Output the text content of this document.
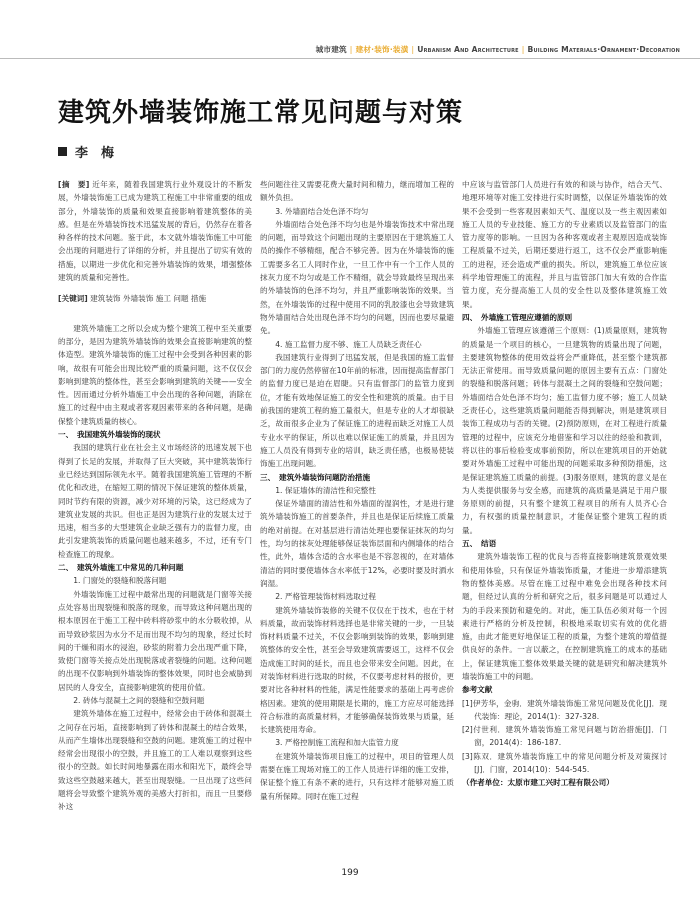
城市建筑 | 建材·装饰·装潢 | Urbanism And Architecture | Building Materials·Ornament·Decoration
建筑外墙装饰施工常见问题与对策
李　梅

[摘　要] 近年来，随着我国建筑行业外观设计的不断发展，外墙装饰施工已成为建筑工程施工中非常重要的组成部分，外墙装饰的质量和效果直接影响着建筑整体的美感。但是在外墙装饰技术迅猛发展的背后，仍然存在着各种各样的技术问题。鉴于此，本文就外墙装饰施工中可能会出现的问题进行了详细的分析，并且提出了切实有效的措施，以期进一步优化和完善外墙装饰的效果，增强整体建筑的质量和完善性。

[关键词] 建筑装饰 外墙装饰 施工 问题 措施

建筑外墙施工之所以会成为整个建筑工程中至关重要的部分，是因为建筑外墙装饰的效果会直接影响建筑的整体造型。建筑外墙装饰的施工过程中会受到各种因素的影响，故很有可能会出现比较严重的质量问题，这不仅仅会影响到建筑的整体性，甚至会影响到建筑的关键——安全性。因而通过分析外墙施工中会出现的各种问题，消除在施工的过程中由主观或者客观因素带来的各种问题，是确保整个建筑质量的核心。

一、　我国建筑外墙装饰的现状

我国的建筑行业在社会主义市场经济的迅速发展下也得到了长足的发展，并取得了巨大突破，其中建筑装饰行业已经达到国际领先水平。随着我国建筑施工管理的不断优化和改进，在缩短工期的情况下保证建筑的整体质量，同时节约有限的资源，减少对环境的污染，这已经成为了建筑业发展的共识。但也正是因为建筑行业的发展太过于迅速，相当多的大型建筑企业缺乏强有力的监督力度，由此引发建筑装饰的质量问题也越来越多，不过，还有专门检查施工的现象。

二、　建筑外墙施工中常见的几种问题

1. 门窗处的裂缝和脱落问题

外墙装饰施工过程中最常出现的问题就是门窗等关接点处容易出现裂缝和脱落的现象，而导致这种问题出现的根本原因在于施工工程中砖料将砂浆中的水分吸收掉，从而导致砂浆因为水分不足而出现不均匀的现象，经过长时间的干燥和雨水的浸泡，砂浆的附着力会出现严重下降，致使门窗等关接点处出现脱落或者裂缝的问题。这种问题的出现不仅影响到外墙装饰的整体效果，同时也会威胁到居民的人身安全，直接影响建筑的使用价值。

2. 砖体与混凝土之间的裂缝和空鼓问题

建筑外墙体在施工过程中，经常会由于砖体和混凝土之间存在污垢，直接影响到了砖体和混凝土的结合效果，从而产生墙体出现裂缝和空鼓的问题。建筑施工的过程中经常会出现很小的空鼓，并且施工的工人难以观察到这些很小的空鼓。如长时间地暴露在雨水和阳光下，最终会导致这些空鼓越来越大，甚至出现裂缝。一旦出现了这些问题将会导致整个建筑外观的美感大打折扣，而且一旦要修补这

些问题往往又需要花费大量时间和精力，继而增加工程的额外负担。

3. 外墙面结合处色泽不均匀

外墙面结合处色泽不均匀也是外墙装饰技术中常出现的问题，而导致这个问题出现的主要原因在于建筑施工人员的操作不够精细，配合不够完善。因为在外墙装饰的施工需要多名工人同时作业，一旦工作中有一个工作人员的抹灰力度不均匀或是工作不精细，就会导致最终呈现出来的外墙装饰的色泽不均匀，并且严重影响装饰的效果。当然，在外墙装饰的过程中使用不同的乳胶漆也会导致建筑物外墙面结合处出现色泽不均匀的问题，因而也要尽量避免。

4. 施工监督力度不够、施工人员缺乏责任心

我国建筑行业得到了迅猛发展，但是我国的施工监督部门的力度仍然停留在10年前的标准，因而提高监督部门的监督力度已是迫在眉睫。只有监督部门的监管力度到位，才能有效地保证施工的安全性和建筑的质量。由于目前我国的建筑工程的施工量很大，但是专业的人才却很缺乏，故而很多企业为了保证施工的进程而缺乏对施工人员专业水平的保证，所以也难以保证施工的质量，并且因为施工人员没有得到专业的培训，缺乏责任感，也极易使装饰施工出现问题。

三、　建筑外墙装饰问题防治措施

1. 保证墙体的清洁性和完整性

保证外墙面的清洁性和外墙面的湿润性，才是进行建筑外墙装饰施工的首要条件，并且也是保证后续施工质量的绝对前提。在对基层进行清洁处理也要保证抹灰的均匀性，均匀的抹灰处理能够保证装饰层面和内侧墙体的结合性，此外，墙体含适的含水率也是不容忽视的，在对墙体清洁的同时要使墙体含水率低于12%，必要时要及时洒水润湿。

2. 严格管理装饰材料选取过程

建筑外墙装饰装修的关键不仅仅在于技术，也在于材料质量，故而装饰材料选择也是非常关键的一步，一旦装饰材料质量不过关，不仅会影响到装饰的效果，影响到建筑整体的安全性，甚至会导致建筑需要返工，这样不仅会造成施工时间的延长，而且也会带来安全问题。因此，在对装饰材料进行选取的时候，不仅要考虑材料的报价，更要对比各种材料的性能，满足性能要求的基础上再考虑价格因素。建筑的使用期限是长期的，施工方应尽可能选择符合标准的高质量材料，才能够确保装饰效果与质量，延长建筑使用寿命。

3. 严格控制施工流程和加大监管力度

在建筑外墙装饰项目施工的过程中，项目的管理人员需要在施工现场对施工的工作人员进行详细的施工安排，保证整个施工有条不紊的进行，只有这样才能够对施工质量有所保障。同时在施工过程

中应该与监管部门人员进行有效的和谈与协作，结合天气、地理环境等对施工安排进行实时调整，以保证外墙装饰的效果不会受到一些客观因素如天气、温度以及一些主观因素如施工人员的专业技能、施工方的专业素质以及监管部门的监管力度等的影响。一旦因为各种客观或者主观原因造成装饰工程质量不过关，后期还要进行返工，这不仅会严重影响施工的进程，还会造成严重的损失。所以，建筑施工单位应该科学地管理施工的流程，并且与监管部门加大有效的合作监管力度，充分提高施工人员的安全性以及整体建筑施工效果。

四、　外墙施工管理应遵循的原则

外墙施工管理应该遵循三个原则：(1)质量原则，建筑物的质量是一个项目的核心，一旦建筑物的质量出现了问题，主要建筑物整体的使用效益将会严重降低，甚至整个建筑都无法正常使用。而导致质量问题的原因主要有五点：门窗处的裂缝和脱落问题；砖体与混凝土之间的裂缝和空鼓问题；外墙面结合处色泽不均匀；施工监督力度不够；施工人员缺乏责任心，这些建筑质量问题能否得到解决，则是建筑项目装饰工程成功与否的关键。(2)预防原则，在对工程进行质量管理的过程中，应该充分地借鉴和学习以往的经验和教训，将以往的事后检验变成事前预防，所以在建筑项目的开始就要对外墙施工过程中可能出现的问题采取多种预防措施，这是保证建筑施工质量的前提。(3)服务原则，建筑的意义是在为人类提供服务与安全感，而建筑的高质量是满足于用户服务原则的前提，只有整个建筑工程项目的所有人员齐心合力，有权强的质量控制意识，才能保证整个建筑工程的质量。

五、　结语

建筑外墙装饰工程的优良与否将直接影响建筑景观效果和使用体验，只有保证外墙装饰质量，才能进一步增添建筑物的整体美感。尽管在施工过程中难免会出现各种技术问题，但经过认真的分析和研究之后，很多问题是可以通过人为的手段来预防和避免的。对此，施工队伍必须对每一个因素进行严格的分析及控制，积极地采取切实有效的优化措施，由此才能更好地保证工程的质量，为整个建筑的增值提供良好的条件。一言以蔽之，在控制建筑施工的成本的基础上，保证建筑施工整体效果最关键的就是研究和解决建筑外墙装饰施工中的问题。

参考文献

[1]伊芳华，金驹．建筑外墙装饰施工常见问题及优化[J]．现代装饰：理论，2014(1)：327-328.

[2]付世利．建筑外墙装饰施工常见问题与防治措施[J]．门窗，2014(4)：186-187.

[3]陈双．建筑外墙装饰施工中的常见问题分析及对策探讨[J]．门窗，2014(10)：544-545.

（作者单位：太原市建工兴时工程有限公司）

199
